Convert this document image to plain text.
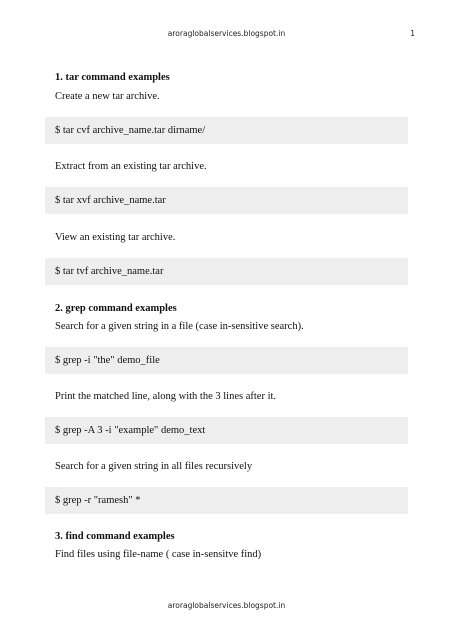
aroraglobalservices.blogspot.in	1
1. tar command examples
Create a new tar archive.
$ tar cvf archive_name.tar dirname/
Extract from an existing tar archive.
$ tar xvf archive_name.tar
View an existing tar archive.
$ tar tvf archive_name.tar
2. grep command examples
Search for a given string in a file (case in-sensitive search).
$ grep -i "the" demo_file
Print the matched line, along with the 3 lines after it.
$ grep -A 3 -i "example" demo_text
Search for a given string in all files recursively
$ grep -r "ramesh" *
3. find command examples
Find files using file-name ( case in-sensitve find)
aroraglobalservices.blogspot.in
